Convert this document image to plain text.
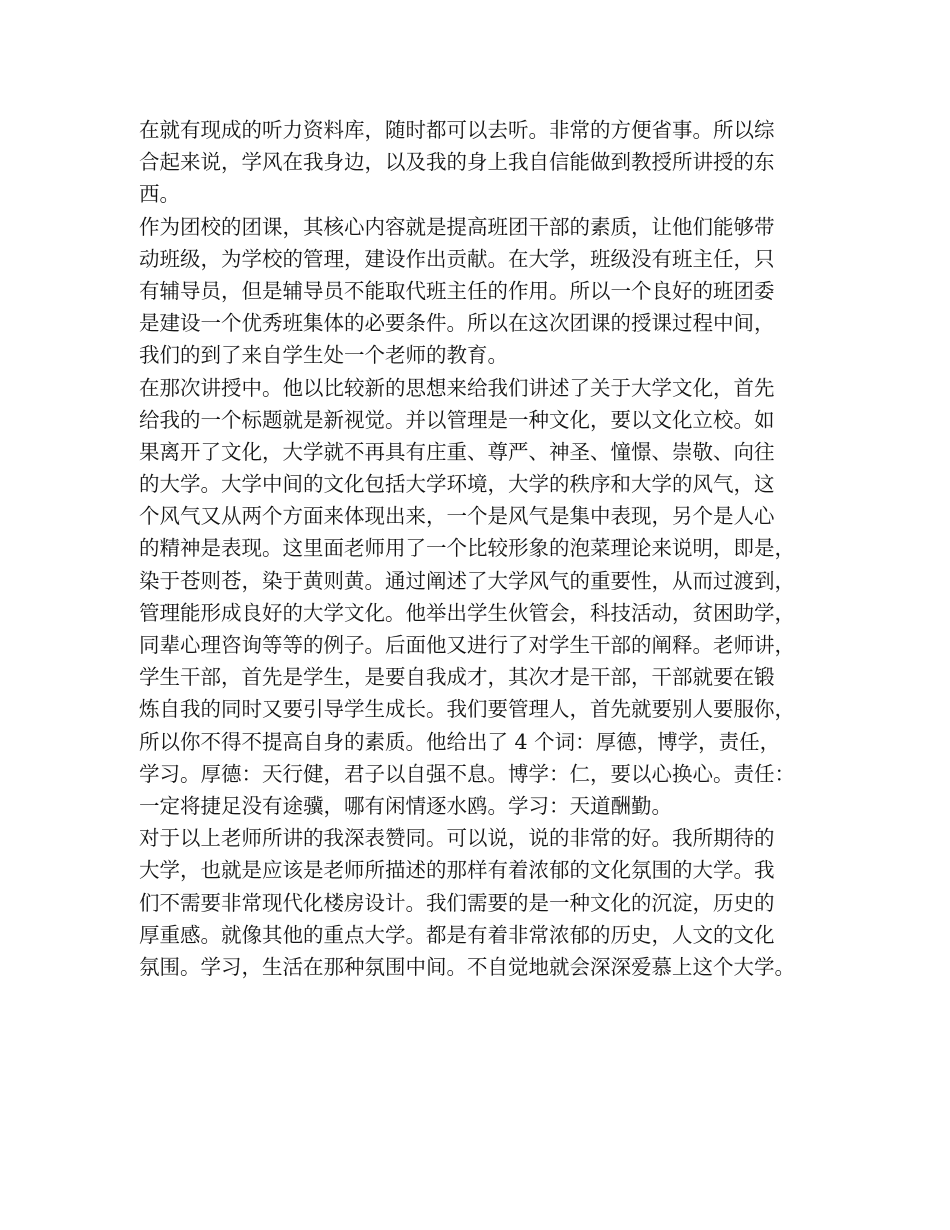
在就有现成的听力资料库，随时都可以去听。非常的方便省事。所以综
合起来说，学风在我身边，以及我的身上我自信能做到教授所讲授的东
西。
作为团校的团课，其核心内容就是提高班团干部的素质，让他们能够带
动班级，为学校的管理，建设作出贡献。在大学，班级没有班主任，只
有辅导员，但是辅导员不能取代班主任的作用。所以一个良好的班团委
是建设一个优秀班集体的必要条件。所以在这次团课的授课过程中间，
我们的到了来自学生处一个老师的教育。
在那次讲授中。他以比较新的思想来给我们讲述了关于大学文化，首先
给我的一个标题就是新视觉。并以管理是一种文化，要以文化立校。如
果离开了文化，大学就不再具有庄重、尊严、神圣、憧憬、崇敬、向往
的大学。大学中间的文化包括大学环境，大学的秩序和大学的风气，这
个风气又从两个方面来体现出来，一个是风气是集中表现，另个是人心
的精神是表现。这里面老师用了一个比较形象的泡菜理论来说明，即是，
染于苍则苍，染于黄则黄。通过阐述了大学风气的重要性，从而过渡到，
管理能形成良好的大学文化。他举出学生伙管会，科技活动，贫困助学，
同辈心理咨询等等的例子。后面他又进行了对学生干部的阐释。老师讲，
学生干部，首先是学生，是要自我成才，其次才是干部，干部就要在锻
炼自我的同时又要引导学生成长。我们要管理人，首先就要别人要服你，
所以你不得不提高自身的素质。他给出了 4 个词：厚德，博学，责任，
学习。厚德：天行健，君子以自强不息。博学：仁，要以心换心。责任：
一定将捷足没有途骥，哪有闲情逐水鸥。学习：天道酬勤。
对于以上老师所讲的我深表赞同。可以说，说的非常的好。我所期待的
大学，也就是应该是老师所描述的那样有着浓郁的文化氛围的大学。我
们不需要非常现代化楼房设计。我们需要的是一种文化的沉淀，历史的
厚重感。就像其他的重点大学。都是有着非常浓郁的历史，人文的文化
氛围。学习，生活在那种氛围中间。不自觉地就会深深爱慕上这个大学。
